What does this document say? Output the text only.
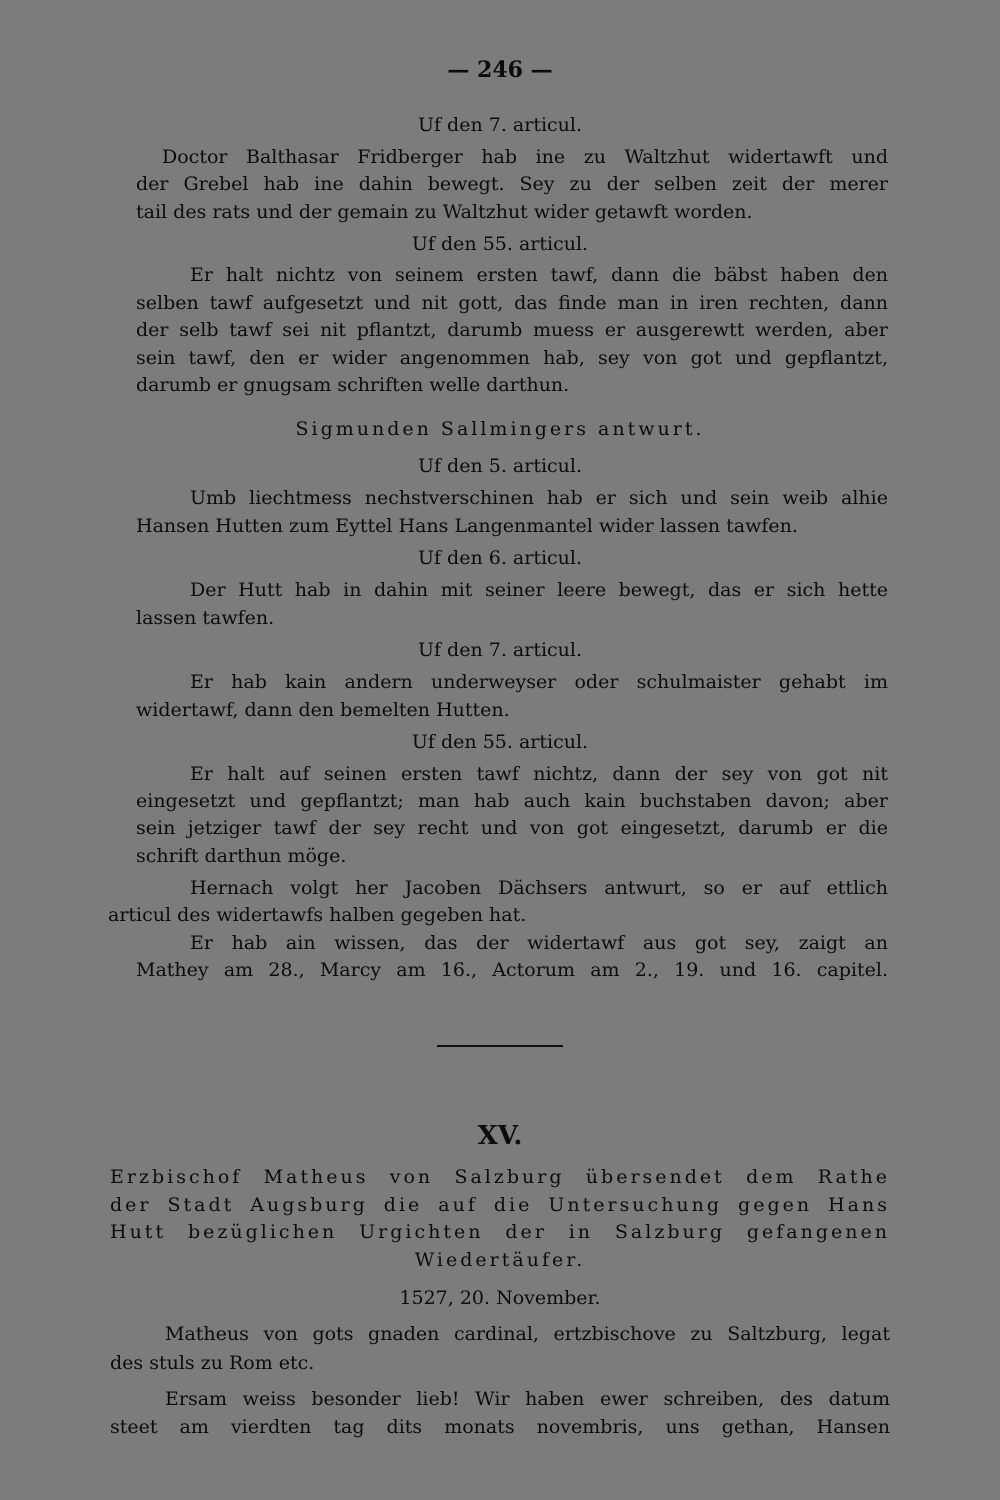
— 246 —
Uf den 7. articul.
Doctor Balthasar Fridberger hab ine zu Waltzhut widertawft und
der Grebel hab ine dahin bewegt. Sey zu der selben zeit der merer
tail des rats und der gemain zu Waltzhut wider getawft worden.
Uf den 55. articul.
Er halt nichtz von seinem ersten tawf, dann die bäbst haben den
selben tawf aufgesetzt und nit gott, das finde man in iren rechten, dann
der selb tawf sei nit pflantzt, darumb muess er ausgerewtt werden, aber
sein tawf, den er wider angenommen hab, sey von got und gepflantzt,
darumb er gnugsam schriften welle darthun.
Sigmunden Sallmingers antwurt.
Uf den 5. articul.
Umb liechtmess nechstverschinen hab er sich und sein weib alhie
Hansen Hutten zum Eyttel Hans Langenmantel wider lassen tawfen.
Uf den 6. articul.
Der Hutt hab in dahin mit seiner leere bewegt, das er sich hette
lassen tawfen.
Uf den 7. articul.
Er hab kain andern underweyser oder schulmaister gehabt im
widertawf, dann den bemelten Hutten.
Uf den 55. articul.
Er halt auf seinen ersten tawf nichtz, dann der sey von got nit
eingesetzt und gepflantzt; man hab auch kain buchstaben davon; aber
sein jetziger tawf der sey recht und von got eingesetzt, darumb er die
schrift darthun möge.
Hernach volgt her Jacoben Dächsers antwurt, so er auf ettlich
articul des widertawfs halben gegeben hat.
Er hab ain wissen, das der widertawf aus got sey, zaigt an
Mathey am 28., Marcy am 16., Actorum am 2., 19. und 16. capitel.
XV.
Erzbischof Matheus von Salzburg übersendet dem Rathe
der Stadt Augsburg die auf die Untersuchung gegen Hans
Hutt bezüglichen Urgichten der in Salzburg gefangenen
Wiedertäufer.
1527, 20. November.
Matheus von gots gnaden cardinal, ertzbischove zu Saltzburg, legat
des stuls zu Rom etc.
Ersam weiss besonder lieb! Wir haben ewer schreiben, des datum
steet am vierdten tag dits monats novembris, uns gethan, Hansen
